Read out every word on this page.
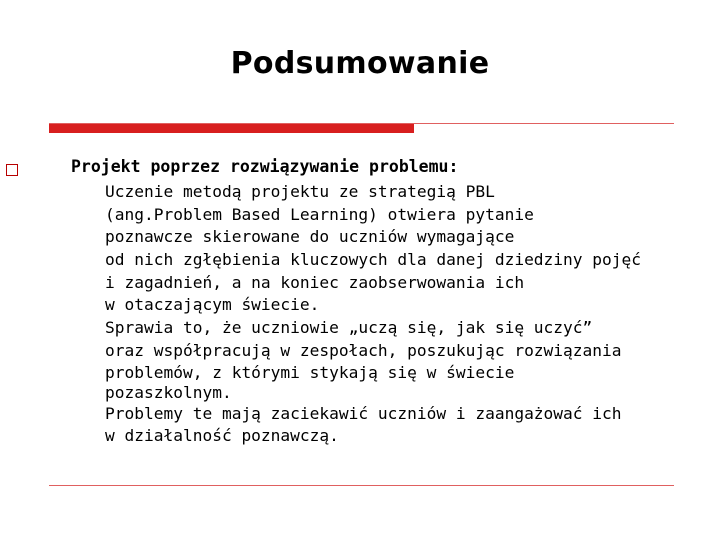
Podsumowanie
Projekt poprzez rozwiązywanie problemu:
Uczenie metodą projektu ze strategią PBL
(ang.Problem Based Learning) otwiera pytanie
poznawcze skierowane do uczniów wymagające
od nich zgłębienia kluczowych dla danej dziedziny pojęć
i zagadnień, a na koniec zaobserwowania ich
w otaczającym świecie.
Sprawia to, że uczniowie „uczą się, jak się uczyć”
oraz współpracują w zespołach, poszukując rozwiązania
problemów, z którymi stykają się w świecie
pozaszkolnym.
Problemy te mają zaciekawić uczniów i zaangażować ich
w działalność poznawczą.
